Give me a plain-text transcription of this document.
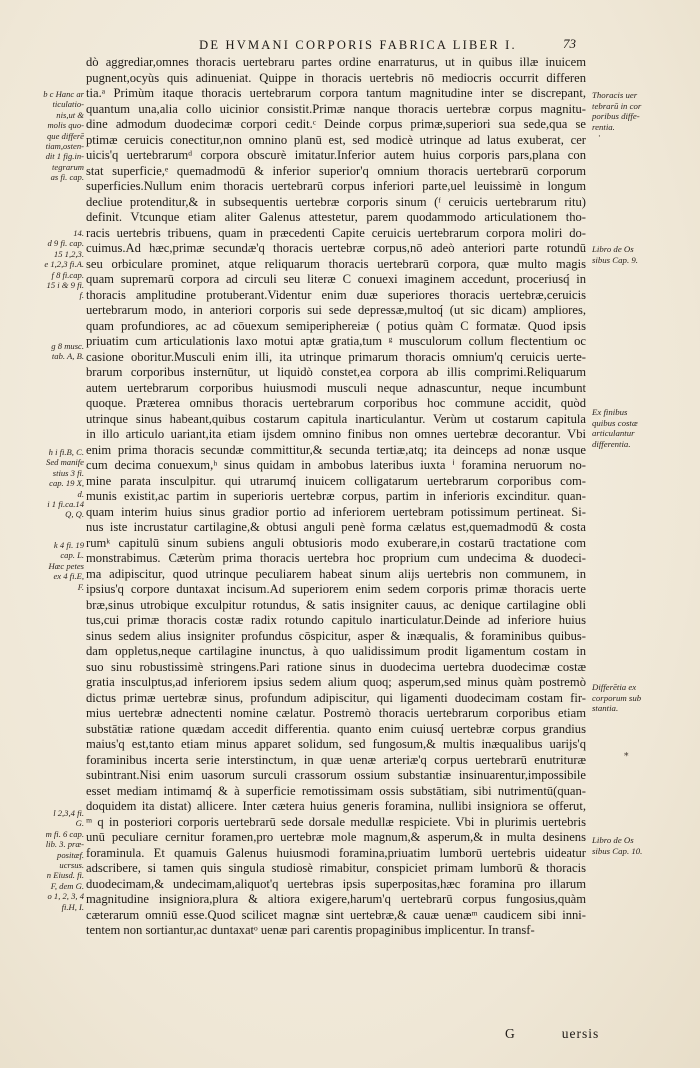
DE HVMANI CORPORIS FABRICA LIBER I.	73
dò aggrediar,omnes thoracis uertebraru partes ordine enarraturus, ut in quibus illæ inuicem
pugnent,ocyùs quis adinueniat. Quippe in thoracis uertebris nō mediocris occurrit differen
tia.ᵃ Primùm itaque thoracis uertebrarum corpora tantum magnitudine inter se discrepant,
quantum una,alia collo uicinior consistit.Primæ nanque thoracis uertebræ corpus magnitu-
dine admodum duodecimæ corpori cedit.ᶜ Deinde corpus primæ,superiori sua sede,qua se
ptimæ ceruicis conectitur,non omnino planū est, sed modicè utrinque ad latus exuberat, cer
uicis'q uertebrarumᵈ corpora obscurè imitatur.Inferior autem huius corporis pars,plana con
stat superficie,ᵉ quemadmodū & inferior superior'q omnium thoracis uertebrarū corporum
superficies.Nullum enim thoracis uertebrarū corpus inferiori parte,uel leuissimè in longum
decliue protenditur,& in subsequentis uertebræ corporis sinum (ᶠ ceruicis uertebrarum ritu)
definit. Vtcunque etiam aliter Galenus attestetur, parem quodammodo articulationem tho-
racis uertebris tribuens, quam in præcedenti Capite ceruicis uertebrarum corpora moliri do-
cuimus.Ad hæc,primæ secundæ'q thoracis uertebræ corpus,nō adeò anteriori parte rotundū
seu orbiculare prominet, atque reliquarum thoracis uertebrarū corpora, quæ multo magis
quam supremarū corpora ad circuli seu literæ C conuexi imaginem accedunt, proceriusq́ in
thoracis amplitudine protuberant.Videntur enim duæ superiores thoracis uertebræ,ceruicis
uertebrarum modo, in anteriori corporis sui sede depressæ,multoq́ (ut sic dicam) ampliores,
quam profundiores, ac ad cōuexum semiperiphereiæ ( potius quàm C formatæ. Quod ipsis
priuatim cum articulationis laxo motui aptæ gratia,tum ᵍ musculorum collum flectentium oc
casione oboritur.Musculi enim illi, ita utrinque primarum thoracis omnium'q ceruicis uerte-
brarum corporibus insternūtur, ut liquidò constet,ea corpora ab illis comprimi.Reliquarum
autem uertebrarum corporibus huiusmodi musculi neque adnascuntur, neque incumbunt
quoque. Præterea omnibus thoracis uertebrarum corporibus hoc commune accidit, quòd
utrinque sinus habeant,quibus costarum capitula inarticulantur. Verùm ut costarum capitula
in illo articulo uariant,ita etiam ijsdem omnino finibus non omnes uertebræ decorantur. Vbi
enim prima thoracis secundæ committitur,& secunda tertiæ,atq; ita deinceps ad nonæ usque
cum decima conuexum,ʰ sinus quidam in ambobus lateribus iuxta ⁱ foramina neruorum no-
mine parata insculpitur. qui utrarumq́ inuicem colligatarum uertebrarum corporibus com-
munis existit,ac partim in superioris uertebræ corpus, partim in inferioris excinditur. quan-
quam interim huius sinus gradior portio ad inferiorem uertebram potissimum pertineat. Si-
nus iste incrustatur cartilagine,& obtusi anguli penè forma cælatus est,quemadmodū & costa
rumᵏ capitulū sinum subiens anguli obtusioris modo exuberare,in costarū tractatione com
monstrabimus. Cæterùm prima thoracis uertebra hoc proprium cum undecima & duodeci-
ma adipiscitur, quod utrinque peculiarem habeat sinum alijs uertebris non communem, in
ipsius'q corpore duntaxat incisum.Ad superiorem enim sedem corporis primæ thoracis uerte
bræ,sinus utrobique exculpitur rotundus, & satis insigniter cauus, ac denique cartilagine obli
tus,cui primæ thoracis costæ radix rotundo capitulo inarticulatur.Deinde ad inferiore huius
sinus sedem alius insigniter profundus cōspicitur, asper & inæqualis, & foraminibus quibus-
dam oppletus,neque cartilagine inunctus, à quo ualidissimum prodit ligamentum costam in
suo sinu robustissimè stringens.Pari ratione sinus in duodecima uertebra duodecimæ costæ
gratia insculptus,ad inferiorem ipsius sedem alium quoq; asperum,sed minus quàm postremò
dictus primæ uertebræ sinus, profundum adipiscitur, qui ligamenti duodecimam costam fir-
mius uertebræ adnectenti nomine cælatur. Postremò thoracis uertebrarum corporibus etiam
substātiæ ratione quædam accedit differentia. quanto enim cuiusq́ uertebræ corpus grandius
maius'q est,tanto etiam minus apparet solidum, sed fungosum,& multis inæqualibus uarijs'q
foraminibus incerta serie interstinctum, in quæ uenæ arteriæ'q corpus uertebrarū enutrituræ
subintrant.Nisi enim uasorum surculi crassorum ossium substantiæ insinuarentur,impossibile
esset mediam intimamq́ & à superficie remotissimam ossis substātiam, sibi nutrimentū(quan-
doquidem ita distat) allicere. Inter cætera huius generis foramina, nullibi insigniora se offerut,
ᵐ q in posteriori corporis uertebrarū sede dorsale medullæ respiciete. Vbi in plurimis uertebris
unū peculiare cernitur foramen,pro uertebræ mole magnum,& asperum,& in multa desinens
foraminula. Et quamuis Galenus huiusmodi foramina,priuatim lumborū uertebris uideatur
adscribere, si tamen quis singula studiosè rimabitur, conspiciet primam lumborū & thoracis
duodecimam,& undecimam,aliquot'q uertebras ipsis superpositas,hæc foramina pro illarum
magnitudine insigniora,plura & altiora exigere,harum'q uertebrarū corpus fungosius,quàm
cæterarum omniū esse.Quod scilicet magnæ sint uertebræ,& cauæ uenæᵐ caudicem sibi inni-
tentem non sortiantur,ac duntaxatᵒ uenæ pari carentis propaginibus implicentur. In transf-
b c Hanc ar
ticulatio-
nis,ut &
molis quo-
que differē
tiam,osten-
dit 1 fig.in-
tegrarum
as fi. cap.
14.
d 9 fi. cap.
15 1,2,3.
e 1,2,3 fi.A.
f 8 fi.cap.
15 i & 9 fi.
f.
g 8 musc.
tab. A, B.
h i fi.B, C.
Sed manife
stius 3 fi.
cap. 19 X,
d.
i 1 fi.ca.14
Q, Q.
k 4 fi. 19
cap. L.
Hæc petes
ex 4 fi.E,
F.
l 2,3,4 fi.
G.
m fi. 6 cap.
lib. 3. præ-
positæf.
ucrsus.
n Eiusd. fi.
F, dem G.
o 1, 2, 3, 4
fi.H, I.
Thoracis uer
tebrarū in cor
poribus diffe-
rentia.
Libro de Os
sibus Cap. 9.
Ex finibus
quibus costæ
articulantur
differentia.
Differētia ex
corporum sub
stantia.
Libro de Os
sibus Cap. 10.
·
*
G	uersis
